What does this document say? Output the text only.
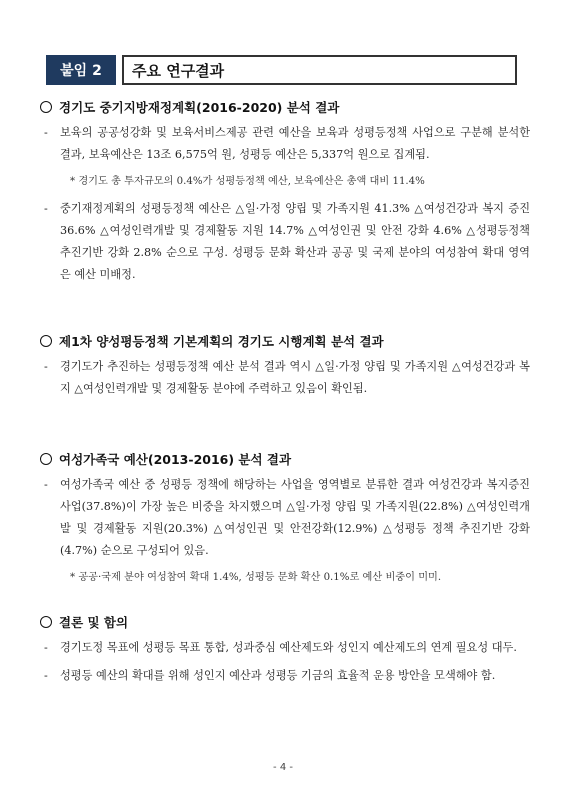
붙임 2	주요 연구결과
경기도 중기지방재정계획(2016-2020) 분석 결과
- 보육의 공공성강화 및 보육서비스제공 관련 예산을 보육과 성평등정책 사업으로 구분해 분석한 결과, 보육예산은 13조 6,575억 원, 성평등 예산은 5,337억 원으로 집계됨.
* 경기도 총 투자규모의 0.4%가 성평등정책 예산, 보육예산은 총액 대비 11.4%
- 중기재정계획의 성평등정책 예산은 △일·가정 양립 및 가족지원 41.3% △여성건강과 복지 증진 36.6% △여성인력개발 및 경제활동 지원 14.7% △여성인권 및 안전 강화 4.6% △성평등정책 추진기반 강화 2.8% 순으로 구성. 성평등 문화 확산과 공공 및 국제 분야의 여성참여 확대 영역은 예산 미배정.
제1차 양성평등정책 기본계획의 경기도 시행계획 분석 결과
- 경기도가 추진하는 성평등정책 예산 분석 결과 역시 △일·가정 양립 및 가족지원 △여성건강과 복지 △여성인력개발 및 경제활동 분야에 주력하고 있음이 확인됨.
여성가족국 예산(2013-2016) 분석 결과
- 여성가족국 예산 중 성평등 정책에 해당하는 사업을 영역별로 분류한 결과 여성건강과 복지증진사업(37.8%)이 가장 높은 비중을 차지했으며 △일·가정 양립 및 가족지원(22.8%) △여성인력개발 및 경제활동 지원(20.3%) △여성인권 및 안전강화(12.9%) △성평등 정책 추진기반 강화(4.7%) 순으로 구성되어 있음.
* 공공·국제 분야 여성참여 확대 1.4%, 성평등 문화 확산 0.1%로 예산 비중이 미미.
결론 및 함의
- 경기도정 목표에 성평등 목표 통합, 성과중심 예산제도와 성인지 예산제도의 연계 필요성 대두.
- 성평등 예산의 확대를 위해 성인지 예산과 성평등 기금의 효율적 운용 방안을 모색해야 함.
- 4 -
